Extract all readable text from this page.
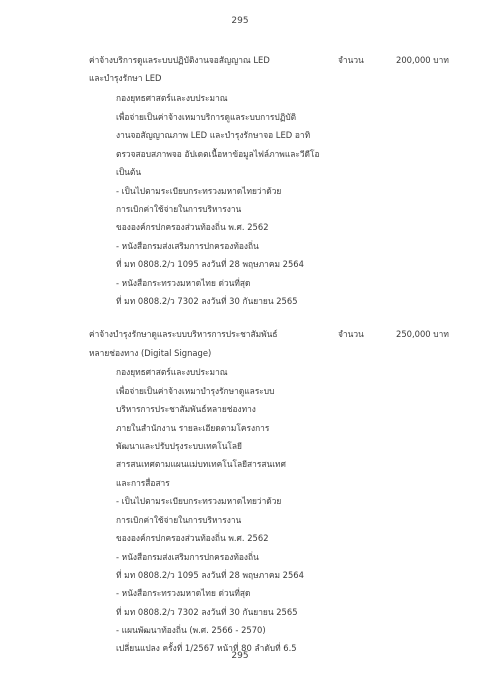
295
ค่าจ้างบริการดูแลระบบปฏิบัติงานจอสัญญาณ LED
และบำรุงรักษา LED
จำนวน	200,000 บาท
กองยุทธศาสตร์และงบประมาณ
เพื่อจ่ายเป็นค่าจ้างเหมาบริการดูแลระบบการปฏิบัติ
งานจอสัญญาณภาพ LED และบำรุงรักษาจอ LED อาทิ
ตรวจสอบสภาพจอ อัปเดตเนื้อหาข้อมูลไฟล์ภาพและวีดีโอ
เป็นต้น
- เป็นไปตามระเบียบกระทรวงมหาดไทยว่าด้วย
การเบิกค่าใช้จ่ายในการบริหารงาน
ขององค์กรปกครองส่วนท้องถิ่น พ.ศ. 2562
- หนังสือกรมส่งเสริมการปกครองท้องถิ่น
ที่ มท 0808.2/ว 1095 ลงวันที่ 28 พฤษภาคม 2564
- หนังสือกระทรวงมหาดไทย ด่วนที่สุด
ที่ มท 0808.2/ว 7302 ลงวันที่ 30 กันยายน 2565
ค่าจ้างบำรุงรักษาดูแลระบบบริหารการประชาสัมพันธ์
หลายช่องทาง (Digital Signage)
จำนวน	250,000 บาท
กองยุทธศาสตร์และงบประมาณ
เพื่อจ่ายเป็นค่าจ้างเหมาบำรุงรักษาดูแลระบบ
บริหารการประชาสัมพันธ์หลายช่องทาง
ภายในสำนักงาน รายละเอียดตามโครงการ
พัฒนาและปรับปรุงระบบเทคโนโลยี
สารสนเทศตามแผนแม่บทเทคโนโลยีสารสนเทศ
และการสื่อสาร
- เป็นไปตามระเบียบกระทรวงมหาดไทยว่าด้วย
การเบิกค่าใช้จ่ายในการบริหารงาน
ขององค์กรปกครองส่วนท้องถิ่น พ.ศ. 2562
- หนังสือกรมส่งเสริมการปกครองท้องถิ่น
ที่ มท 0808.2/ว 1095 ลงวันที่ 28 พฤษภาคม 2564
- หนังสือกระทรวงมหาดไทย ด่วนที่สุด
ที่ มท 0808.2/ว 7302 ลงวันที่ 30 กันยายน 2565
- แผนพัฒนาท้องถิ่น (พ.ศ. 2566 - 2570)
เปลี่ยนแปลง ครั้งที่ 1/2567 หน้าที่ 80 ลำดับที่ 6.5
295
